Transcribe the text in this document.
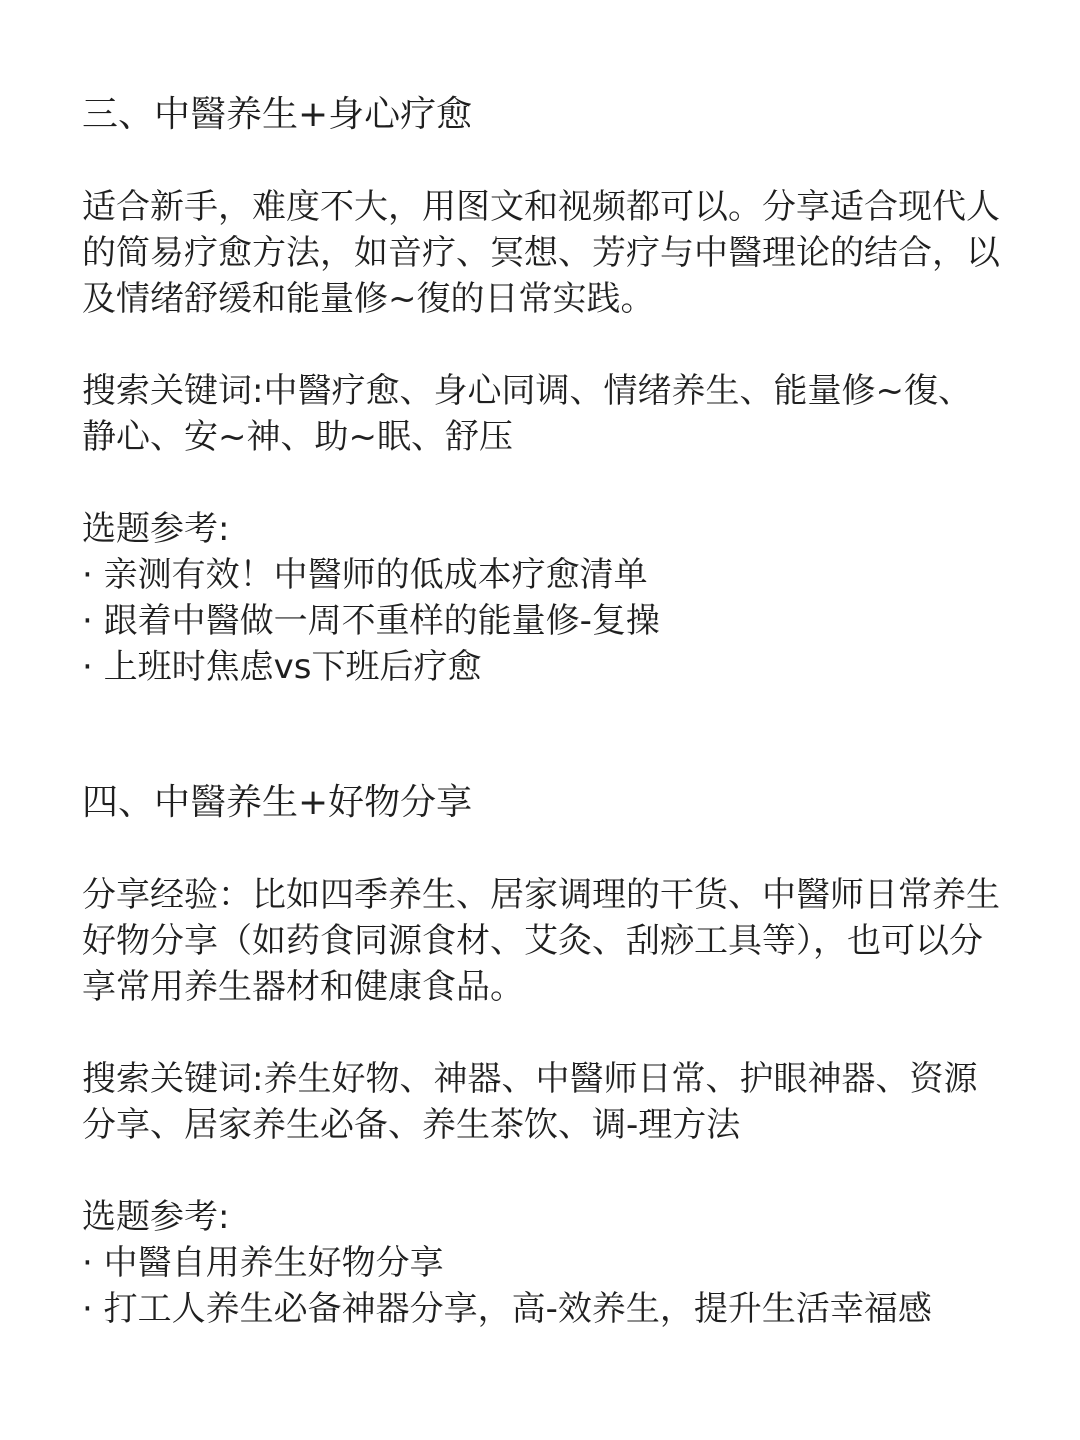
三、中醫养生+身心疗愈

适合新手，难度不大，用图文和视频都可以。分享适合现代人的简易疗愈方法，如音疗、冥想、芳疗与中醫理论的结合，以及情绪舒缓和能量修~復的日常实践。

搜索关键词:中醫疗愈、身心同调、情绪养生、能量修~復、静心、安~神、助~眠、舒压

选题参考:

· 亲测有效！中醫师的低成本疗愈清单
· 跟着中醫做一周不重样的能量修-复操
· 上班时焦虑vs下班后疗愈

四、中醫养生+好物分享

分享经验：比如四季养生、居家调理的干货、中醫师日常养生好物分享（如药食同源食材、艾灸、刮痧工具等），也可以分享常用养生器材和健康食品。

搜索关键词:养生好物、神器、中醫师日常、护眼神器、资源分享、居家养生必备、养生茶饮、调-理方法

选题参考:

· 中醫自用养生好物分享
· 打工人养生必备神器分享，高-效养生，提升生活幸福感
